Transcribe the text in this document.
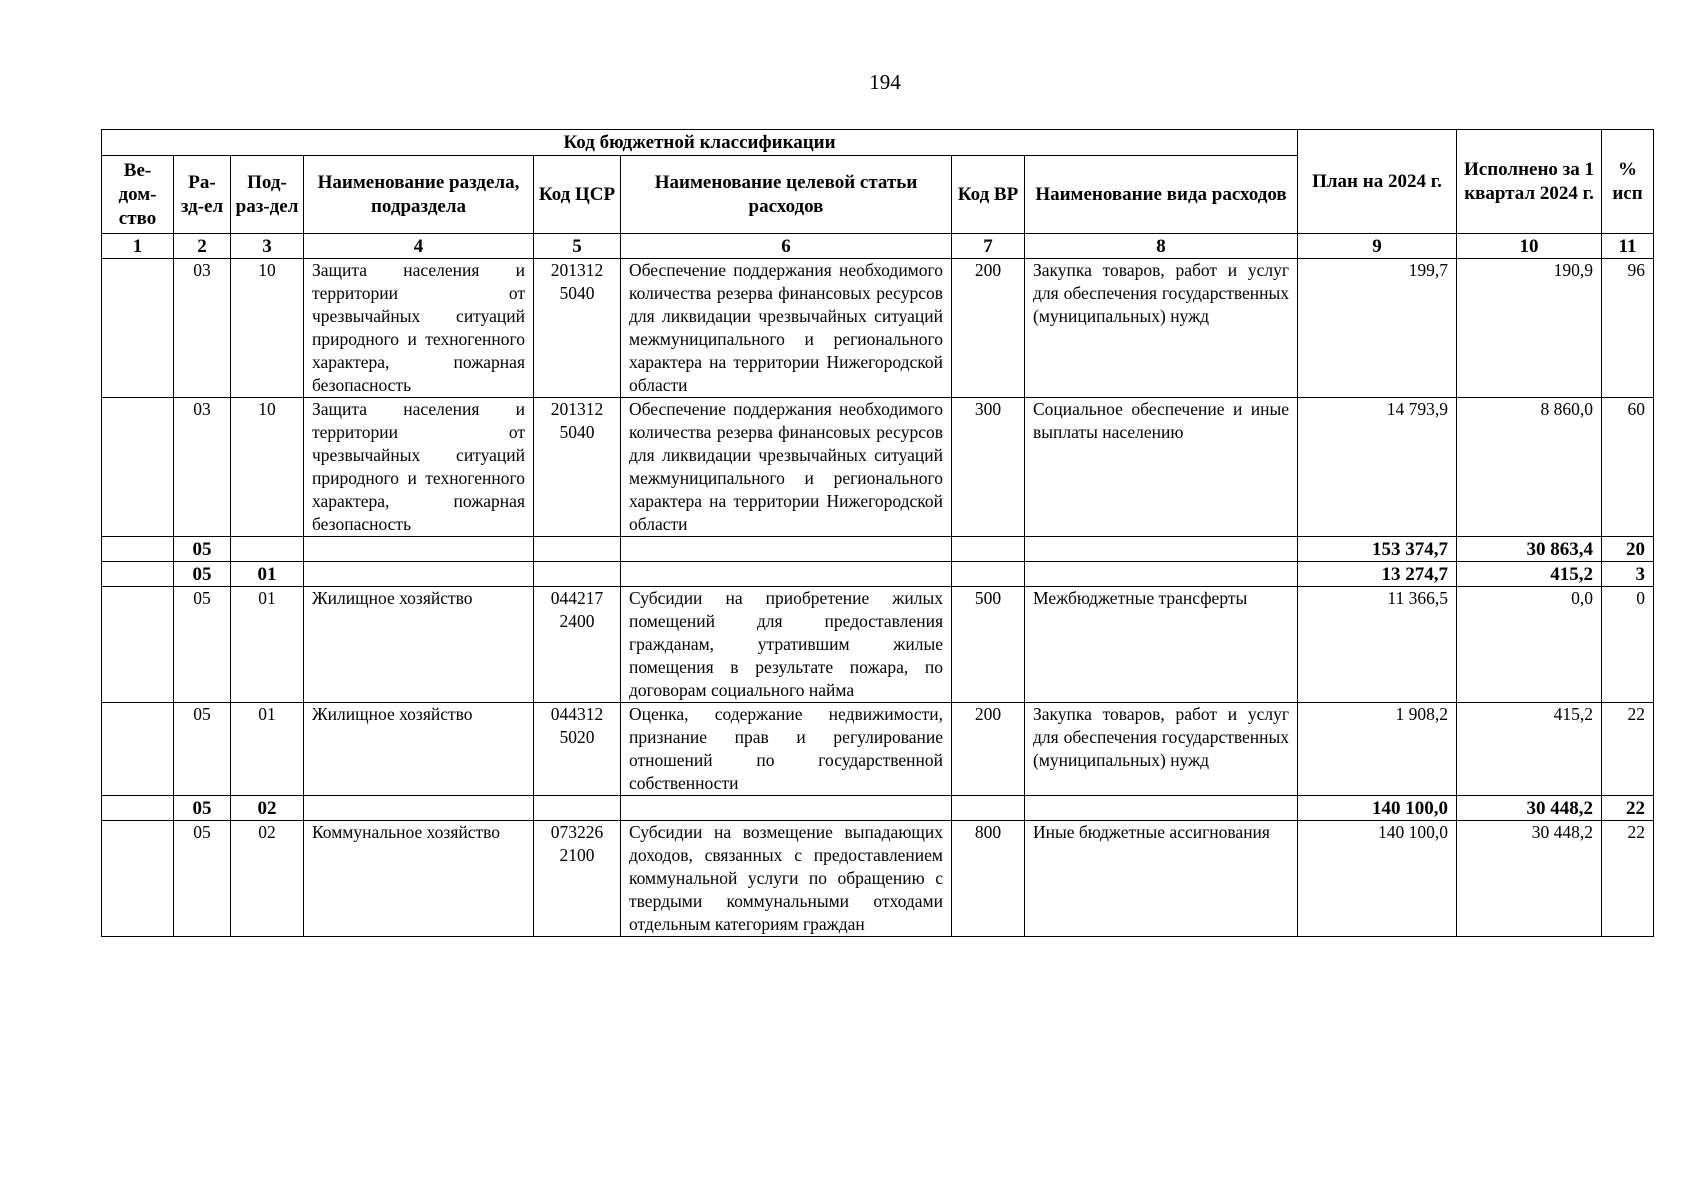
194
Код бюджетной классификации								План на 2024 г.	Исполнено за 1 квартал 2024 г.	% исп
Ве-дом-ство	Ра-зд-ел	Под-раз-дел	Наименование раздела, подраздела	Код ЦСР	Наименование целевой статьи расходов	Код ВР	Наименование вида расходов			
1	2	3	4	5	6	7	8	9	10	11
	03	10	Защита населения и территории от чрезвычайных ситуаций природного и техногенного характера, пожарная безопасность	201312 5040	Обеспечение поддержания необходимого количества резерва финансовых ресурсов для ликвидации чрезвычайных ситуаций межмуниципального и регионального характера на территории Нижегородской области	200	Закупка товаров, работ и услуг для обеспечения государственных (муниципальных) нужд	199,7	190,9	96
	03	10	Защита населения и территории от чрезвычайных ситуаций природного и техногенного характера, пожарная безопасность	201312 5040	Обеспечение поддержания необходимого количества резерва финансовых ресурсов для ликвидации чрезвычайных ситуаций межмуниципального и регионального характера на территории Нижегородской области	300	Социальное обеспечение и иные выплаты населению	14 793,9	8 860,0	60
	05							153 374,7	30 863,4	20
	05	01						13 274,7	415,2	3
	05	01	Жилищное хозяйство	044217 2400	Субсидии на приобретение жилых помещений для предоставления гражданам, утратившим жилые помещения в результате пожара, по договорам социального найма	500	Межбюджетные трансферты	11 366,5	0,0	0
	05	01	Жилищное хозяйство	044312 5020	Оценка, содержание недвижимости, признание прав и регулирование отношений по государственной собственности	200	Закупка товаров, работ и услуг для обеспечения государственных (муниципальных) нужд	1 908,2	415,2	22
	05	02						140 100,0	30 448,2	22
	05	02	Коммунальное хозяйство	073226 2100	Субсидии на возмещение выпадающих доходов, связанных с предоставлением коммунальной услуги по обращению с твердыми коммунальными отходами отдельным категориям граждан	800	Иные бюджетные ассигнования	140 100,0	30 448,2	22
